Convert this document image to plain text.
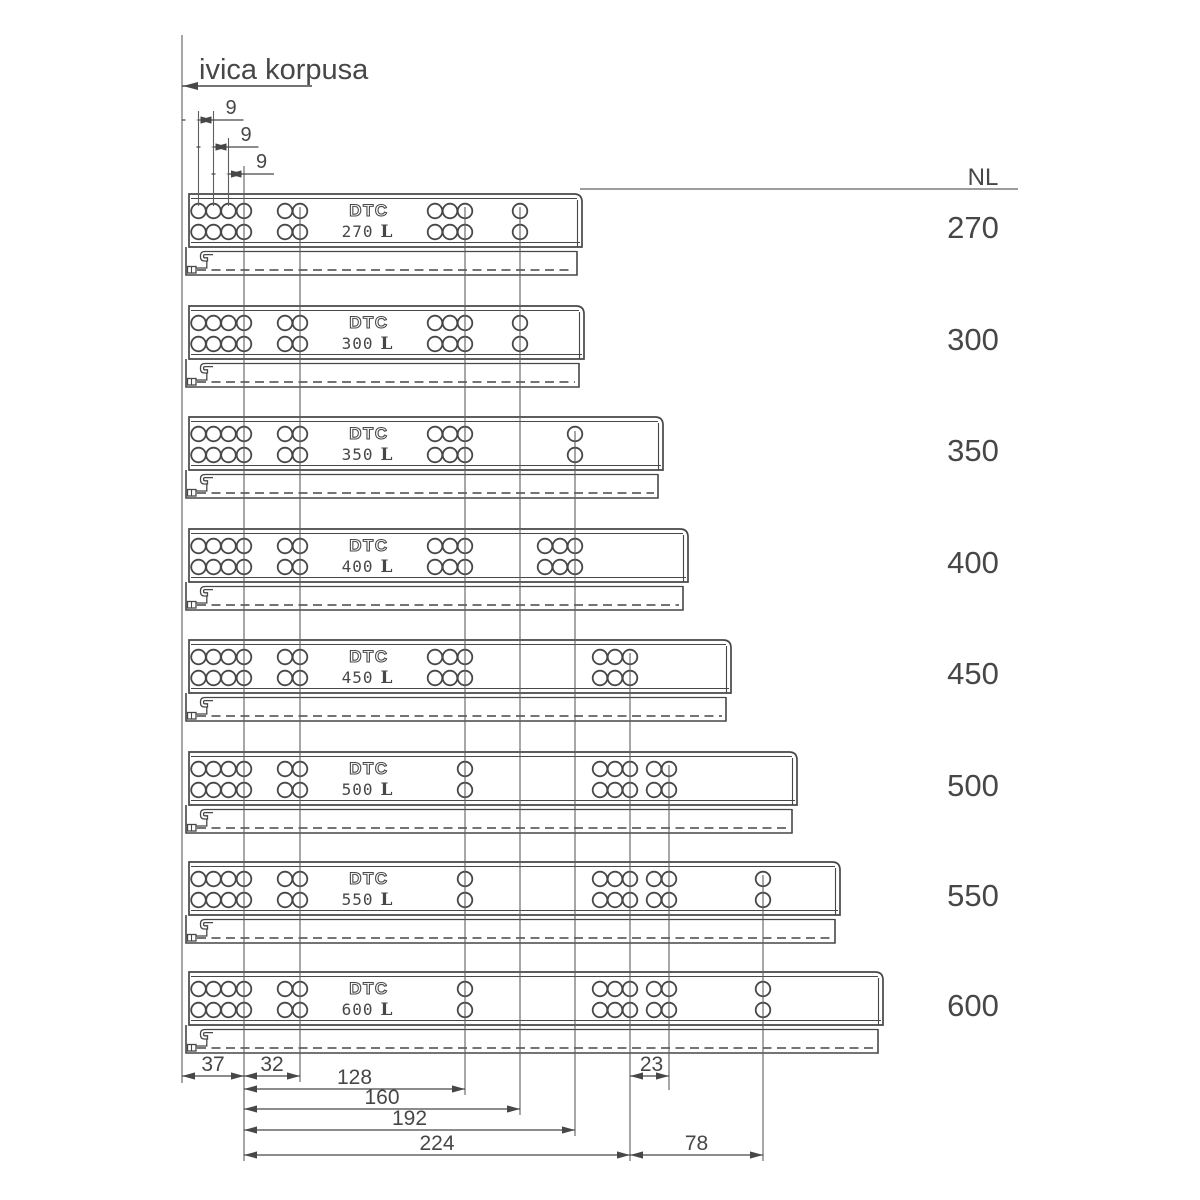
DTC
270 L
DTC
300 L
DTC
350 L
DTC
400 L
DTC
450 L
DTC
500 L
DTC
550 L
DTC
600 L
9
9
9
37 32	23
128
160
192
224	78
ivica korpusa
NL
270
300
350
400
450
500
550
600
